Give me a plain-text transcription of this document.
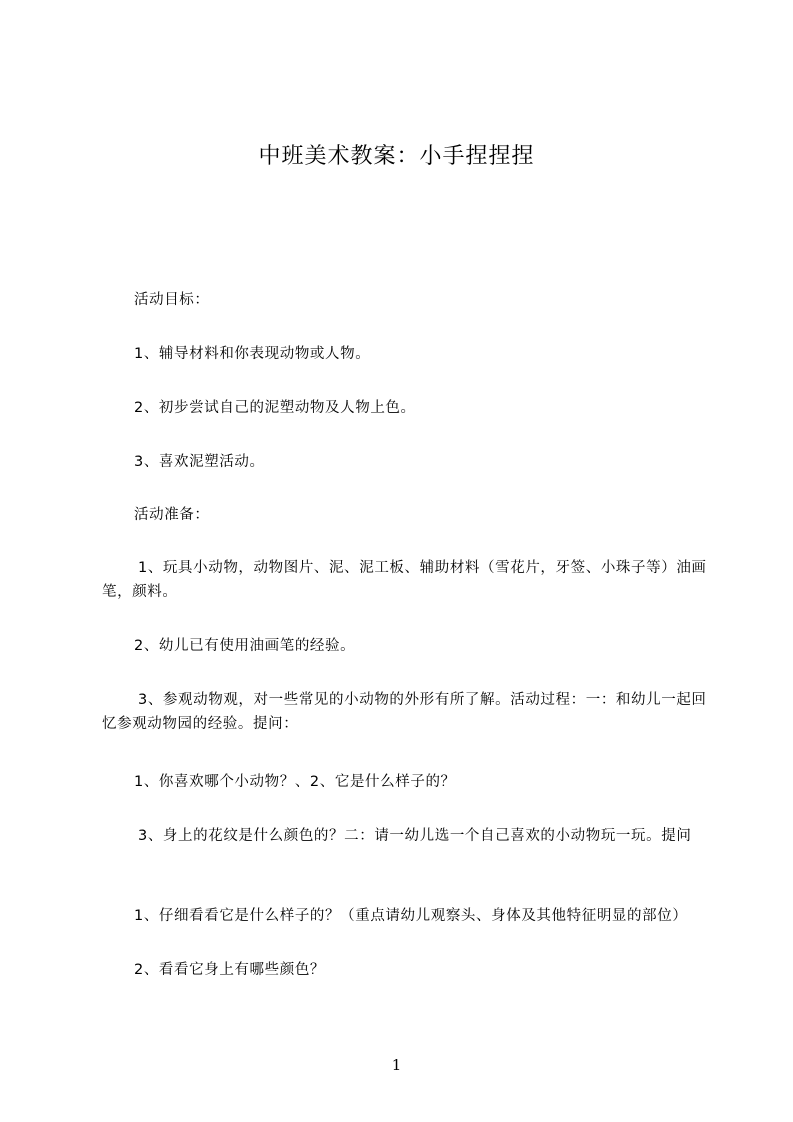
中班美术教案：小手捏捏捏

活动目标：

1、辅导材料和你表现动物或人物。

2、初步尝试自己的泥塑动物及人物上色。

3、喜欢泥塑活动。

活动准备：

1、玩具小动物，动物图片、泥、泥工板、辅助材料（雪花片，牙签、小珠子等）油画笔，颜料。

2、幼儿已有使用油画笔的经验。

3、参观动物观，对一些常见的小动物的外形有所了解。活动过程：一：和幼儿一起回忆参观动物园的经验。提问：

1、你喜欢哪个小动物？、2、它是什么样子的？

3、身上的花纹是什么颜色的？二：请一幼儿选一个自己喜欢的小动物玩一玩。提问

1、仔细看看它是什么样子的？（重点请幼儿观察头、身体及其他特征明显的部位）

2、看看它身上有哪些颜色？

1
